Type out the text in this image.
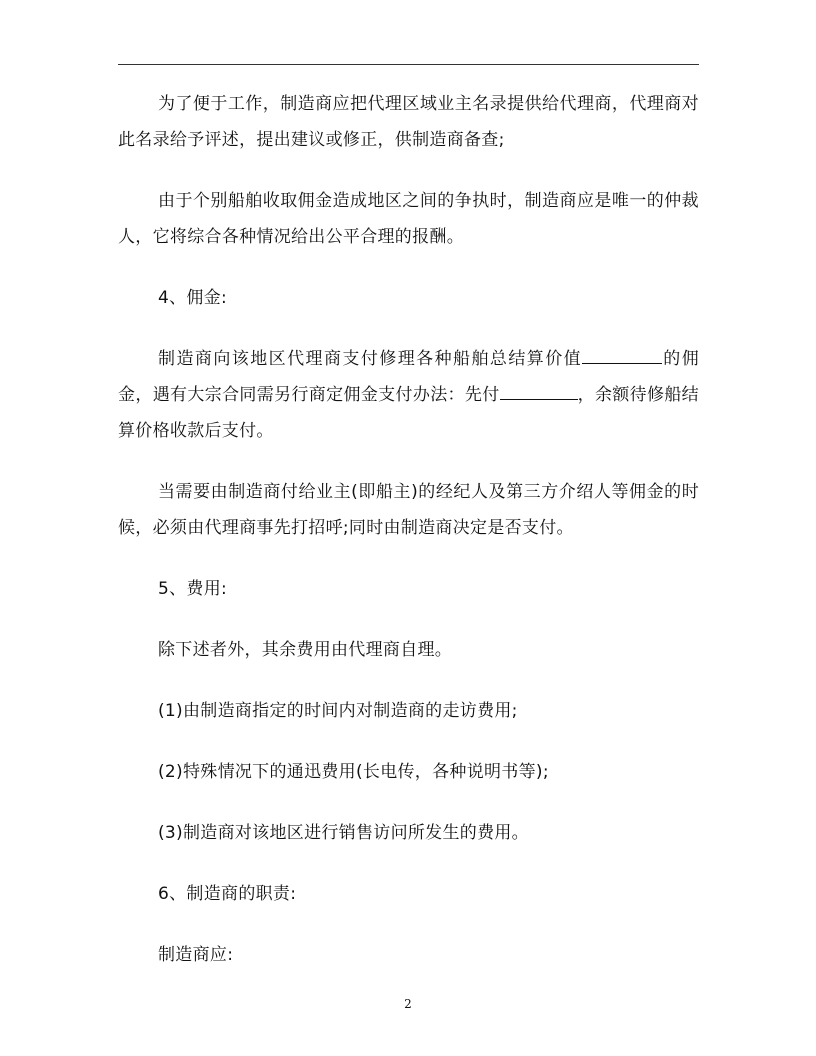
为了便于工作，制造商应把代理区域业主名录提供给代理商，代理商对此名录给予评述，提出建议或修正，供制造商备查;

由于个别船舶收取佣金造成地区之间的争执时，制造商应是唯一的仲裁人，它将综合各种情况给出公平合理的报酬。

4、佣金:

制造商向该地区代理商支付修理各种船舶总结算价值	的佣金，遇有大宗合同需另行商定佣金支付办法：先付	，余额待修船结算价格收款后支付。

当需要由制造商付给业主(即船主)的经纪人及第三方介绍人等佣金的时候，必须由代理商事先打招呼;同时由制造商决定是否支付。

5、费用:

除下述者外，其余费用由代理商自理。

(1)由制造商指定的时间内对制造商的走访费用;

(2)特殊情况下的通迅费用(长电传，各种说明书等);

(3)制造商对该地区进行销售访问所发生的费用。

6、制造商的职责:

制造商应:

2
